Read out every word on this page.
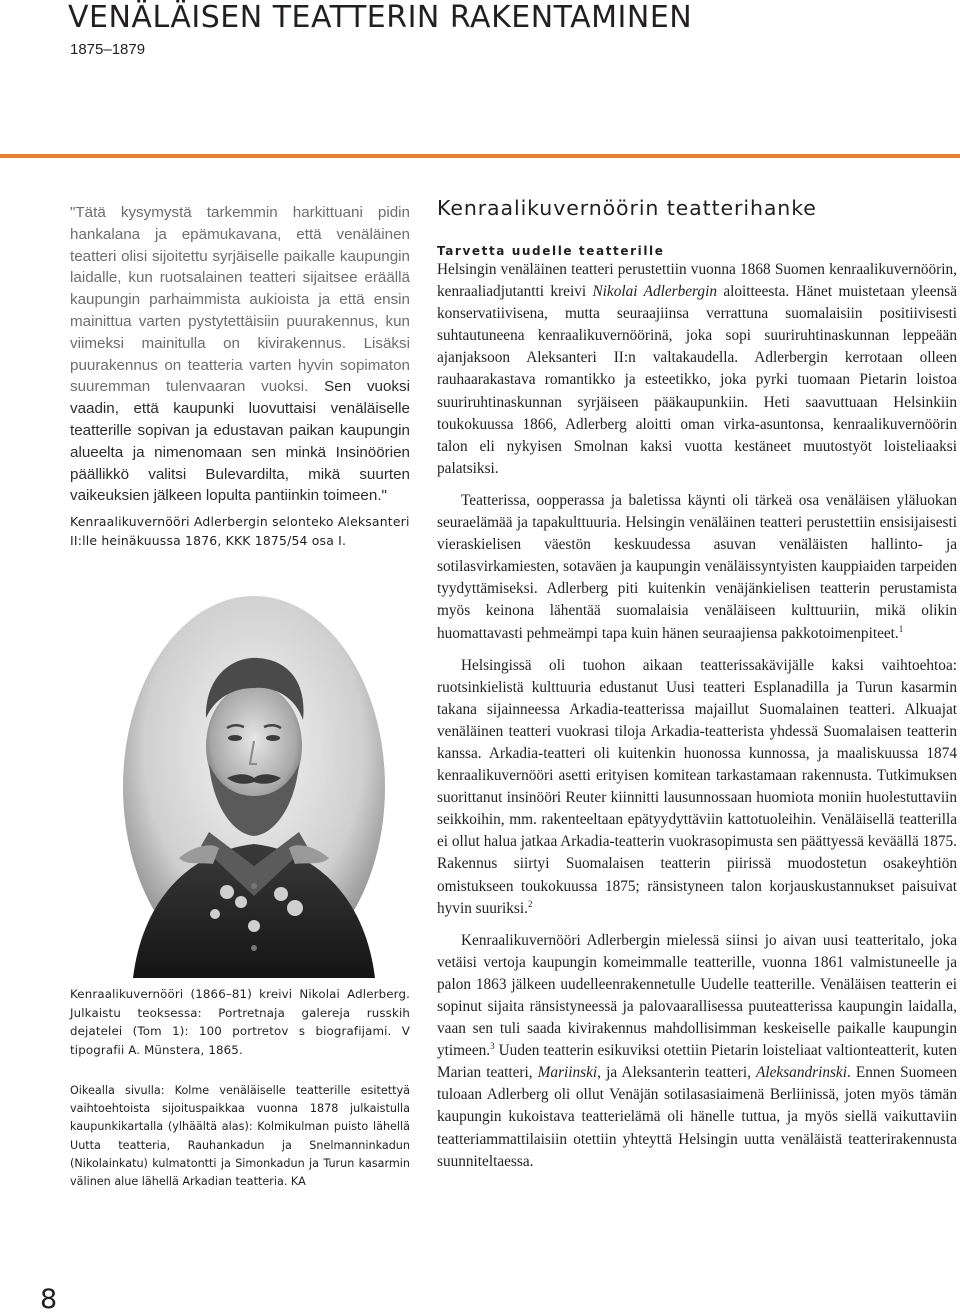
VENÄLÄISEN TEATTERIN RAKENTAMINEN
1875–1879

"Tätä kysymystä tarkemmin harkittuani pidin hankalana ja epämukavana, että venäläinen teatteri olisi sijoitettu syrjäiselle paikalle kaupungin laidalle, kun ruotsalainen teatteri sijaitsee eräällä kaupungin parhaimmista aukioista ja että ensin mainittua varten pystytettäisiin puurakennus, kun viimeksi mainitulla on kivirakennus. Lisäksi puurakennus on teatteria varten hyvin sopimaton suuremman tulenvaaran vuoksi. Sen vuoksi vaadin, että kaupunki luovuttaisi venäläiselle teatterille sopivan ja edustavan paikan kaupungin alueelta ja nimenomaan sen minkä Insinöörien päällikkö valitsi Bulevardilta, mikä suurten vaikeuksien jälkeen lopulta pantiinkin toimeen."

Kenraalikuvernööri Adlerbergin selonteko Aleksanteri II:lle heinäkuussa 1876, KKK 1875/54 osa I.

Kenraalikuvernööri (1866–81) kreivi Nikolai Adlerberg. Julkaistu teoksessa: Portretnaja galereja russkih dejatelei (Tom 1): 100 portretov s biografijami. V tipografii A. Münstera, 1865.

Oikealla sivulla: Kolme venäläiselle teatterille esitettyä vaihtoehtoista sijoituspaikkaa vuonna 1878 julkaistulla kaupunkikartalla (ylhäältä alas): Kolmikulman puisto lähellä Uutta teatteria, Rauhankadun ja Snelmanninkadun (Nikolainkatu) kulmatontti ja Simonkadun ja Turun kasarmin välinen alue lähellä Arkadian teatteria. KA

Kenraalikuvernöörin teatterihanke
Tarvetta uudelle teatterille

Helsingin venäläinen teatteri perustettiin vuonna 1868 Suomen kenraalikuvernöörin, kenraaliadjutantti kreivi Nikolai Adlerbergin aloitteesta. Hänet muistetaan yleensä konservatiivisena, mutta seuraajiinsa verrattuna suomalaisiin positiivisesti suhtautuneena kenraalikuvernöörinä, joka sopi suuriruhtinaskunnan leppeään ajanjaksoon Aleksanteri II:n valtakaudella. Adlerbergin kerrotaan olleen rauhaarakastava romantikko ja esteetikko, joka pyrki tuomaan Pietarin loistoa suuriruhtinaskunnan syrjäiseen pääkaupunkiin. Heti saavuttuaan Helsinkiin toukokuussa 1866, Adlerberg aloitti oman virka-asuntonsa, kenraalikuvernöörin talon eli nykyisen Smolnan kaksi vuotta kestäneet muutostyöt loisteliaaksi palatsiksi.

Teatterissa, oopperassa ja baletissa käynti oli tärkeä osa venäläisen yläluokan seuraelämää ja tapakulttuuria. Helsingin venäläinen teatteri perustettiin ensisijaisesti vieraskielisen väestön keskuudessa asuvan venäläisten hallinto- ja sotilasvirkamiesten, sotaväen ja kaupungin venäläissyntyisten kauppiaiden tarpeiden tyydyttämiseksi. Adlerberg piti kuitenkin venäjänkielisen teatterin perustamista myös keinona lähentää suomalaisia venäläiseen kulttuuriin, mikä olikin huomattavasti pehmeämpi tapa kuin hänen seuraajiensa pakkotoimenpiteet.$^1$

Helsingissä oli tuohon aikaan teatterissakävijälle kaksi vaihtoehtoa: ruotsinkielistä kulttuuria edustanut Uusi teatteri Esplanadilla ja Turun kasarmin takana sijainneessa Arkadia-teatterissa majaillut Suomalainen teatteri. Alkuajat venäläinen teatteri vuokrasi tiloja Arkadia-teatterista yhdessä Suomalaisen teatterin kanssa. Arkadia-teatteri oli kuitenkin huonossa kunnossa, ja maaliskuussa 1874 kenraalikuvernööri asetti erityisen komitean tarkastamaan rakennusta. Tutkimuksen suorittanut insinööri Reuter kiinnitti lausunnossaan huomiota moniin huolestuttaviin seikkoihin, mm. rakenteeltaan epätyydyttäviin kattotuoleihin. Venäläisellä teatterilla ei ollut halua jatkaa Arkadia-teatterin vuokrasopimusta sen päättyessä keväällä 1875. Rakennus siirtyi Suomalaisen teatterin piirissä muodostetun osakeyhtiön omistukseen toukokuussa 1875; ränsistyneen talon korjauskustannukset paisuivat hyvin suuriksi.$^2$

Kenraalikuvernööri Adlerbergin mielessä siinsi jo aivan uusi teatteritalo, joka vetäisi vertoja kaupungin komeimmalle teatterille, vuonna 1861 valmistuneelle ja palon 1863 jälkeen uudelleenrakennetulle Uudelle teatterille. Venäläisen teatterin ei sopinut sijaita ränsistyneessä ja palovaarallisessa puuteatterissa kaupungin laidalla, vaan sen tuli saada kivirakennus mahdollisimman keskeiselle paikalle kaupungin ytimeen.$^3$ Uuden teatterin esikuviksi otettiin Pietarin loisteliaat valtionteatterit, kuten Marian teatteri, Mariinski, ja Aleksanterin teatteri, Aleksandrinski. Ennen Suomeen tuloaan Adlerberg oli ollut Venäjän sotilasasiaimenä Berliinissä, joten myös tämän kaupungin kukoistava teatterielämä oli hänelle tuttua, ja myös siellä vaikuttaviin teatteriammattilaisiin otettiin yhteyttä Helsingin uutta venäläistä teatterirakennusta suunniteltaessa.

8
